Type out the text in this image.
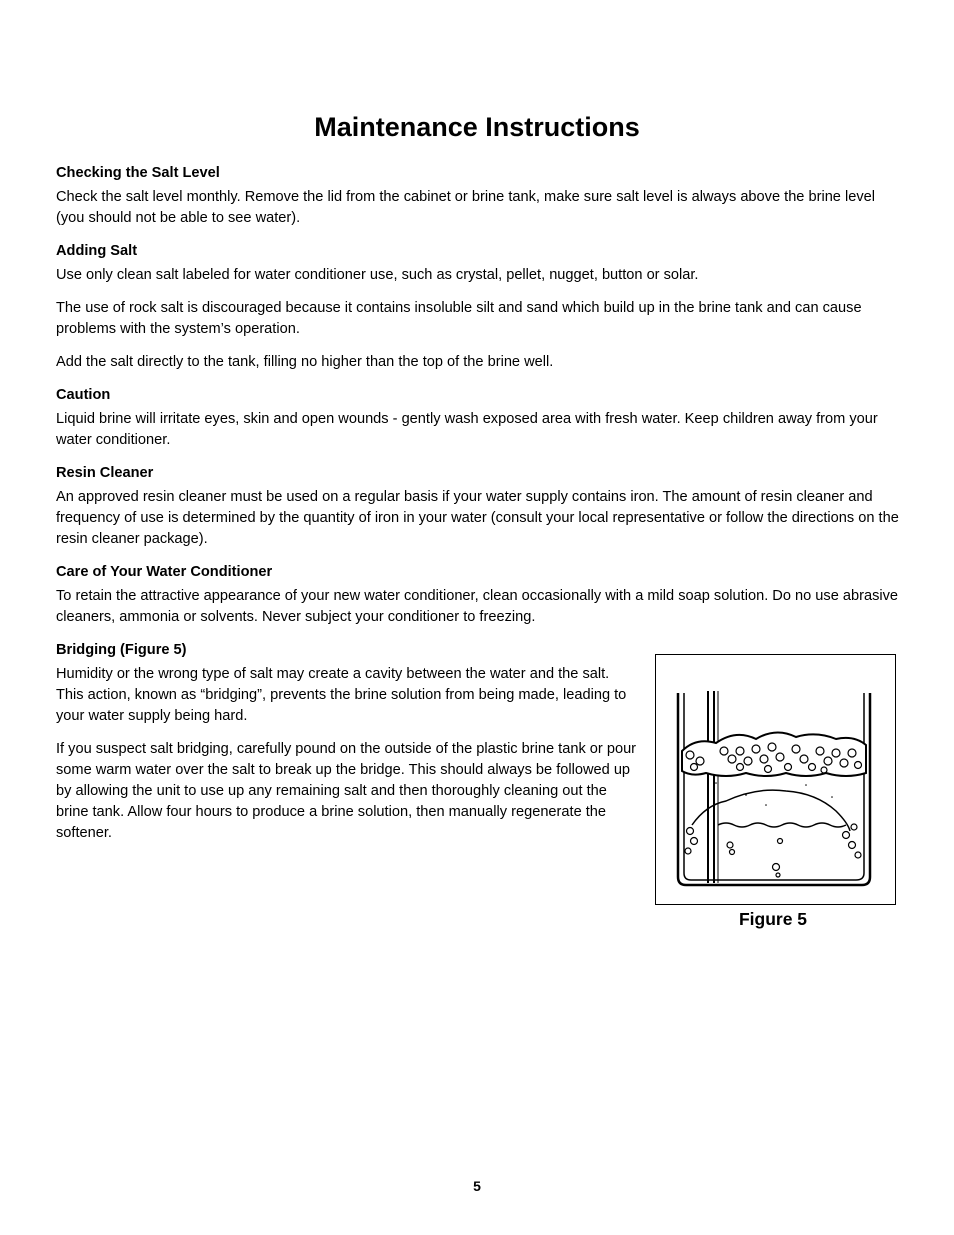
Maintenance Instructions
Checking the Salt Level

Check the salt level monthly. Remove the lid from the cabinet or brine tank, make sure salt level is always above the brine level (you should not be able to see water).

Adding Salt

Use only clean salt labeled for water conditioner use, such as crystal, pellet, nugget, button or solar.

The use of rock salt is discouraged because it contains insoluble silt and sand which build up in the brine tank and can cause problems with the system’s operation.

Add the salt directly to the tank, filling no higher than the top of the brine well.

Caution

Liquid brine will irritate eyes, skin and open wounds - gently wash exposed area with fresh water. Keep children away from your water conditioner.

Resin Cleaner

An approved resin cleaner must be used on a regular basis if your water supply contains iron. The amount of resin cleaner and frequency of use is determined by the quantity of iron in your water (consult your local representative or follow the directions on the resin cleaner package).

Care of Your Water Conditioner

To retain the attractive appearance of your new water conditioner, clean occasionally with a mild soap solution. Do no use abrasive cleaners, ammonia or solvents. Never subject your conditioner to freezing.

Bridging (Figure 5)

Humidity or the wrong type of salt may create a cavity between the water and the salt. This action, known as “bridging”, prevents the brine solution from being made, leading to your water supply being hard.

If you suspect salt bridging, carefully pound on the outside of the plastic brine tank or pour some warm water over the salt to break up the bridge. This should always be followed up by allowing the unit to use up any remaining salt and then thoroughly cleaning out the brine tank. Allow four hours to produce a brine solution, then manually regenerate the softener.

Figure 5
5
